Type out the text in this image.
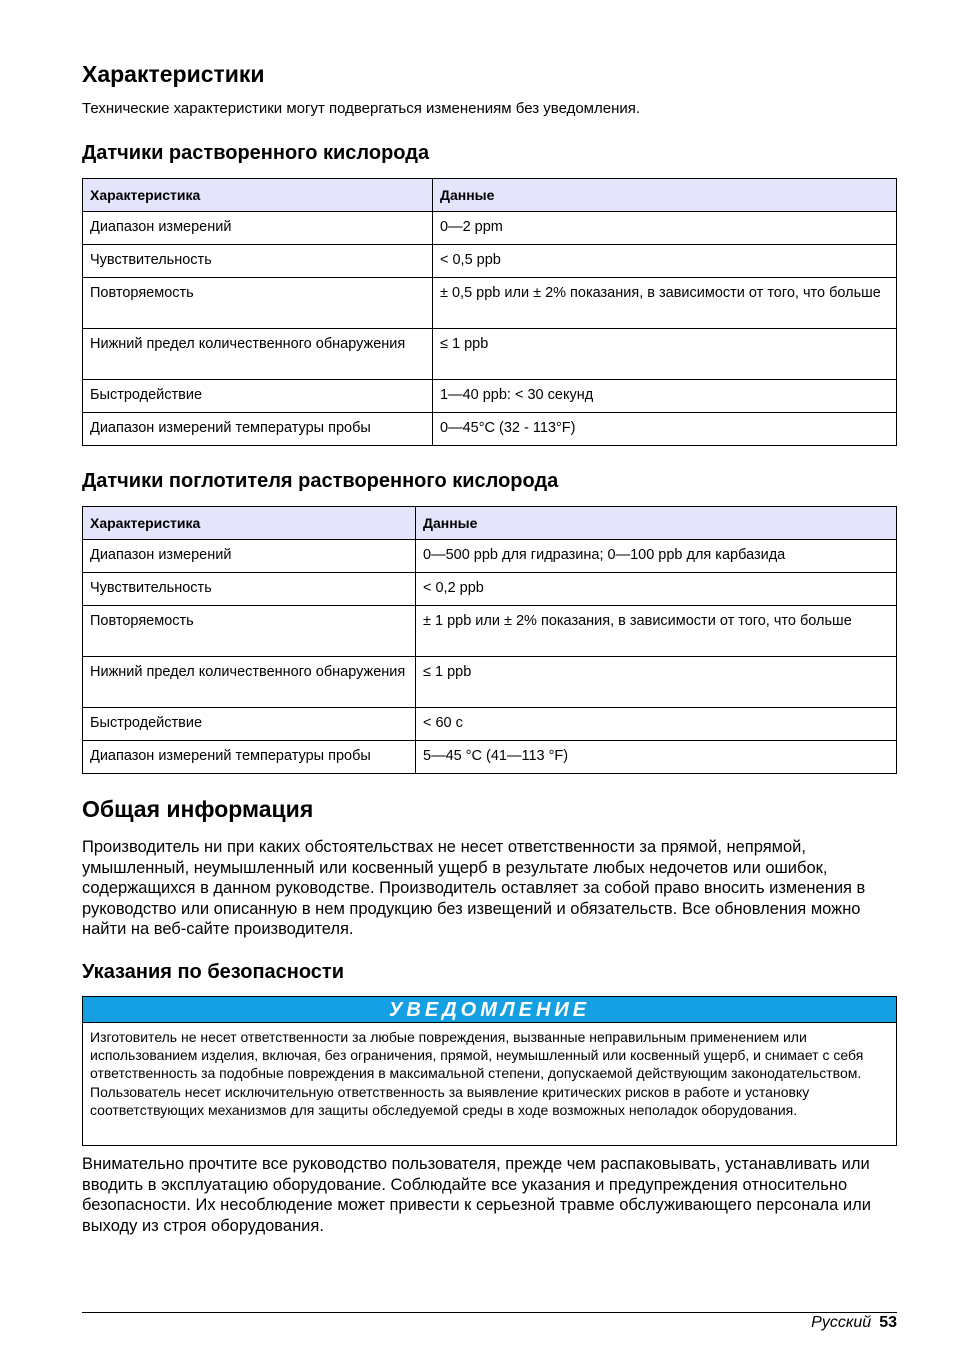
Характеристики
Технические характеристики могут подвергаться изменениям без уведомления.
Датчики растворенного кислорода
Характеристика	Данные
Диапазон измерений	0—2 ppm
Чувствительность	< 0,5 ppb
Повторяемость	± 0,5 ppb или ± 2% показания, в зависимости от того, что больше
Нижний предел количественного обнаружения	≤ 1 ppb
Быстродействие	1—40 ppb: < 30 секунд
Диапазон измерений температуры пробы	0—45°C (32 - 113°F)
Датчики поглотителя растворенного кислорода
Характеристика	Данные
Диапазон измерений	0—500 ppb для гидразина; 0—100 ppb для карбазида
Чувствительность	< 0,2 ppb
Повторяемость	± 1 ppb или ± 2% показания, в зависимости от того, что больше
Нижний предел количественного обнаружения	≤ 1 ppb
Быстродействие	< 60 с
Диапазон измерений температуры пробы	5—45 °C (41—113 °F)
Общая информация
Производитель ни при каких обстоятельствах не несет ответственности за прямой, непрямой, умышленный, неумышленный или косвенный ущерб в результате любых недочетов или ошибок, содержащихся в данном руководстве. Производитель оставляет за собой право вносить изменения в руководство или описанную в нем продукцию без извещений и обязательств. Все обновления можно найти на веб-сайте производителя.
Указания по безопасности
УВЕДОМЛЕНИЕ
Изготовитель не несет ответственности за любые повреждения, вызванные неправильным применением или использованием изделия, включая, без ограничения, прямой, неумышленный или косвенный ущерб, и снимает с себя ответственность за подобные повреждения в максимальной степени, допускаемой действующим законодательством. Пользователь несет исключительную ответственность за выявление критических рисков в работе и установку соответствующих механизмов для защиты обследуемой среды в ходе возможных неполадок оборудования.
Внимательно прочтите все руководство пользователя, прежде чем распаковывать, устанавливать или вводить в эксплуатацию оборудование. Соблюдайте все указания и предупреждения относительно безопасности. Их несоблюдение может привести к серьезной травме обслуживающего персонала или выходу из строя оборудования.
Русский 53
